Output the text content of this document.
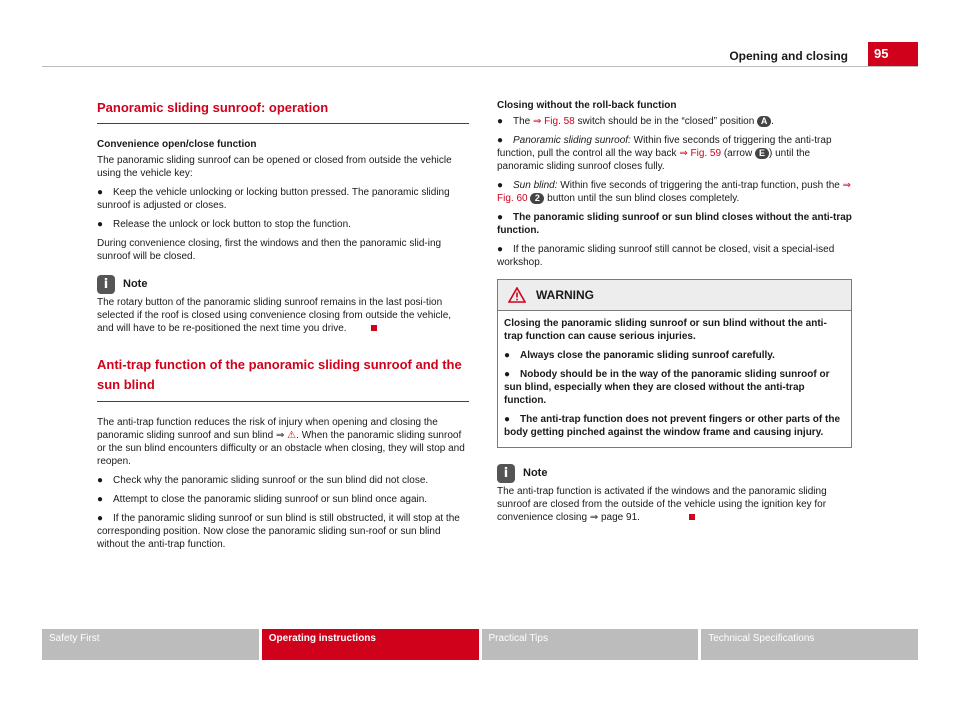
Opening and closing	95
Panoramic sliding sunroof: operation
Convenience open/close function

The panoramic sliding sunroof can be opened or closed from outside the vehicle using the vehicle key:

● Keep the vehicle unlocking or locking button pressed. The panoramic sliding sunroof is adjusted or closes.
● Release the unlock or lock button to stop the function.

During convenience closing, first the windows and then the panoramic slid-ing sunroof will be closed.

i	Note

The rotary button of the panoramic sliding sunroof remains in the last posi-tion selected if the roof is closed using convenience closing from outside the vehicle, and will have to be re-positioned the next time you drive.

Anti-trap function of the panoramic sliding sunroof and the sun blind

The anti-trap function reduces the risk of injury when opening and closing the panoramic sliding sunroof and sun blind ⇒ ⚠. When the panoramic sliding sunroof or the sun blind encounters difficulty or an obstacle when closing, they will stop and reopen.

● Check why the panoramic sliding sunroof or the sun blind did not close.
● Attempt to close the panoramic sliding sunroof or sun blind once again.
● If the panoramic sliding sunroof or sun blind is still obstructed, it will stop at the corresponding position. Now close the panoramic sliding sun-roof or sun blind without the anti-trap function.
Closing without the roll-back function
● The ⇒ Fig. 58 switch should be in the “closed” position A .
● Panoramic sliding sunroof: Within five seconds of triggering the anti-trap function, pull the control all the way back ⇒ Fig. 59 (arrow E ) until the panoramic sliding sunroof closes fully.
● Sun blind: Within five seconds of triggering the anti-trap function, push the ⇒ Fig. 60 2 button until the sun blind closes completely.
● The panoramic sliding sunroof or sun blind closes without the anti-trap function.
● If the panoramic sliding sunroof still cannot be closed, visit a special-ised workshop.
WARNING

Closing the panoramic sliding sunroof or sun blind without the anti-trap function can cause serious injuries.

● Always close the panoramic sliding sunroof carefully.
● Nobody should be in the way of the panoramic sliding sunroof or sun blind, especially when they are closed without the anti-trap function.
● The anti-trap function does not prevent fingers or other parts of the body getting pinched against the window frame and causing injury.
i	Note

The anti-trap function is activated if the windows and the panoramic sliding sunroof are closed from the outside of the vehicle using the ignition key for convenience closing ⇒ page 91.

Safety First	Operating instructions	Practical Tips	Technical Specifications
